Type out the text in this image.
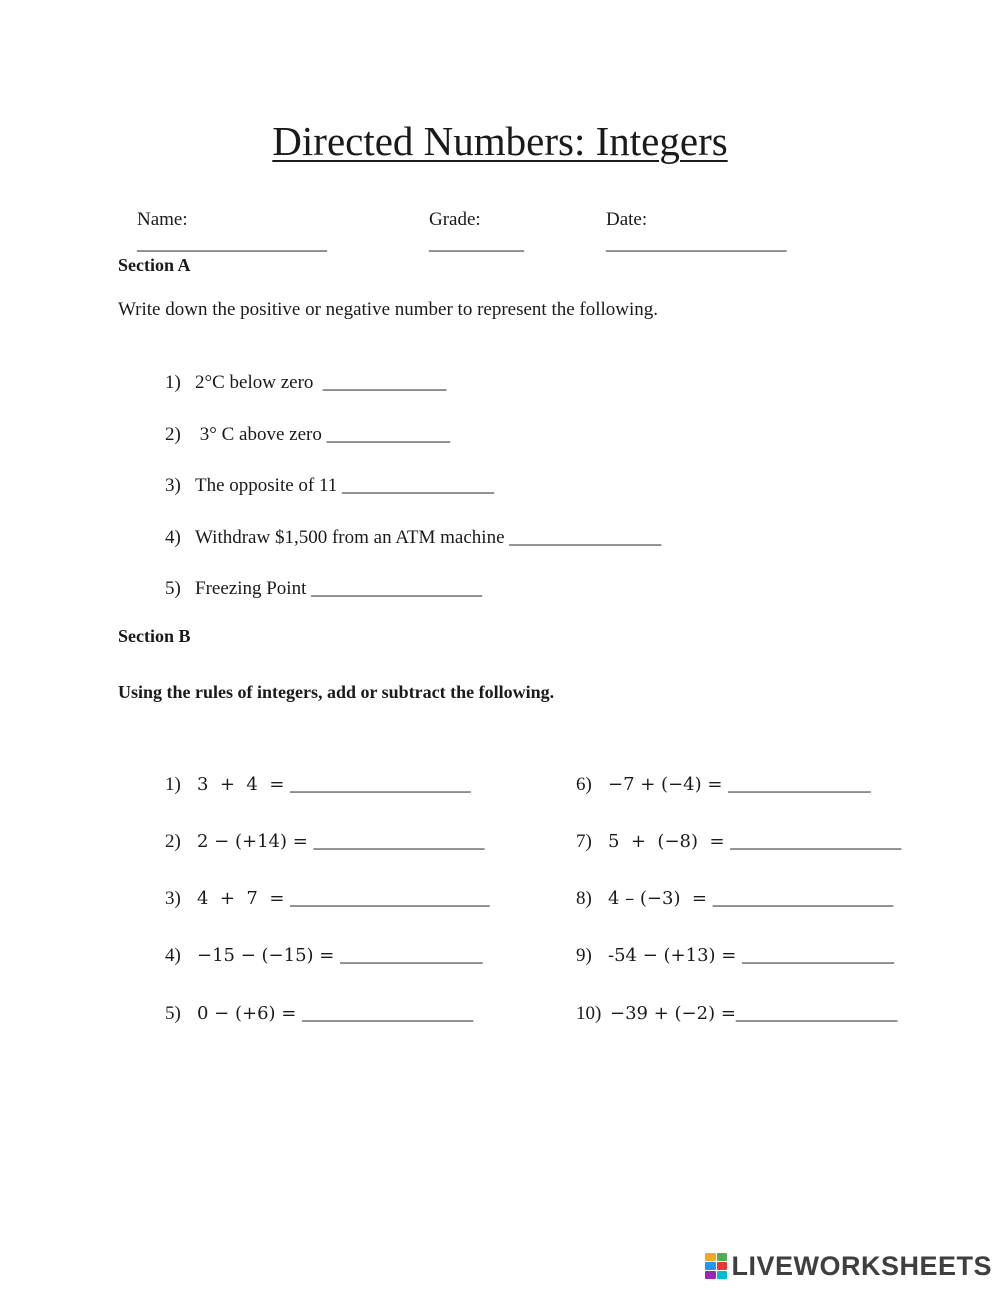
Directed Numbers: Integers

Name:
____________________

Grade:
__________

Date:
___________________

Section A
Write down the positive or negative number to represent the following.

1) 2°C below zero  _____________

2) 3° C above zero _____________

3) The opposite of 11 ________________

4) Withdraw $1,500 from an ATM machine ________________

5) Freezing Point __________________

Section B
Using the rules of integers, add or subtract the following.

1) 3  +  4  = ___________________

2) 2 − (+14) = __________________

3) 4  +  7  = _____________________

4) −15 − (−15) = _______________

5) 0 − (+6) = __________________

6) −7 + (−4) = _______________

7) 5  +  (−8)  = __________________

8) 4 – (−3)  = ___________________

9) -54 − (+13) = ________________

10) −39 + (−2) =_________________

LIVEWORKSHEETS
